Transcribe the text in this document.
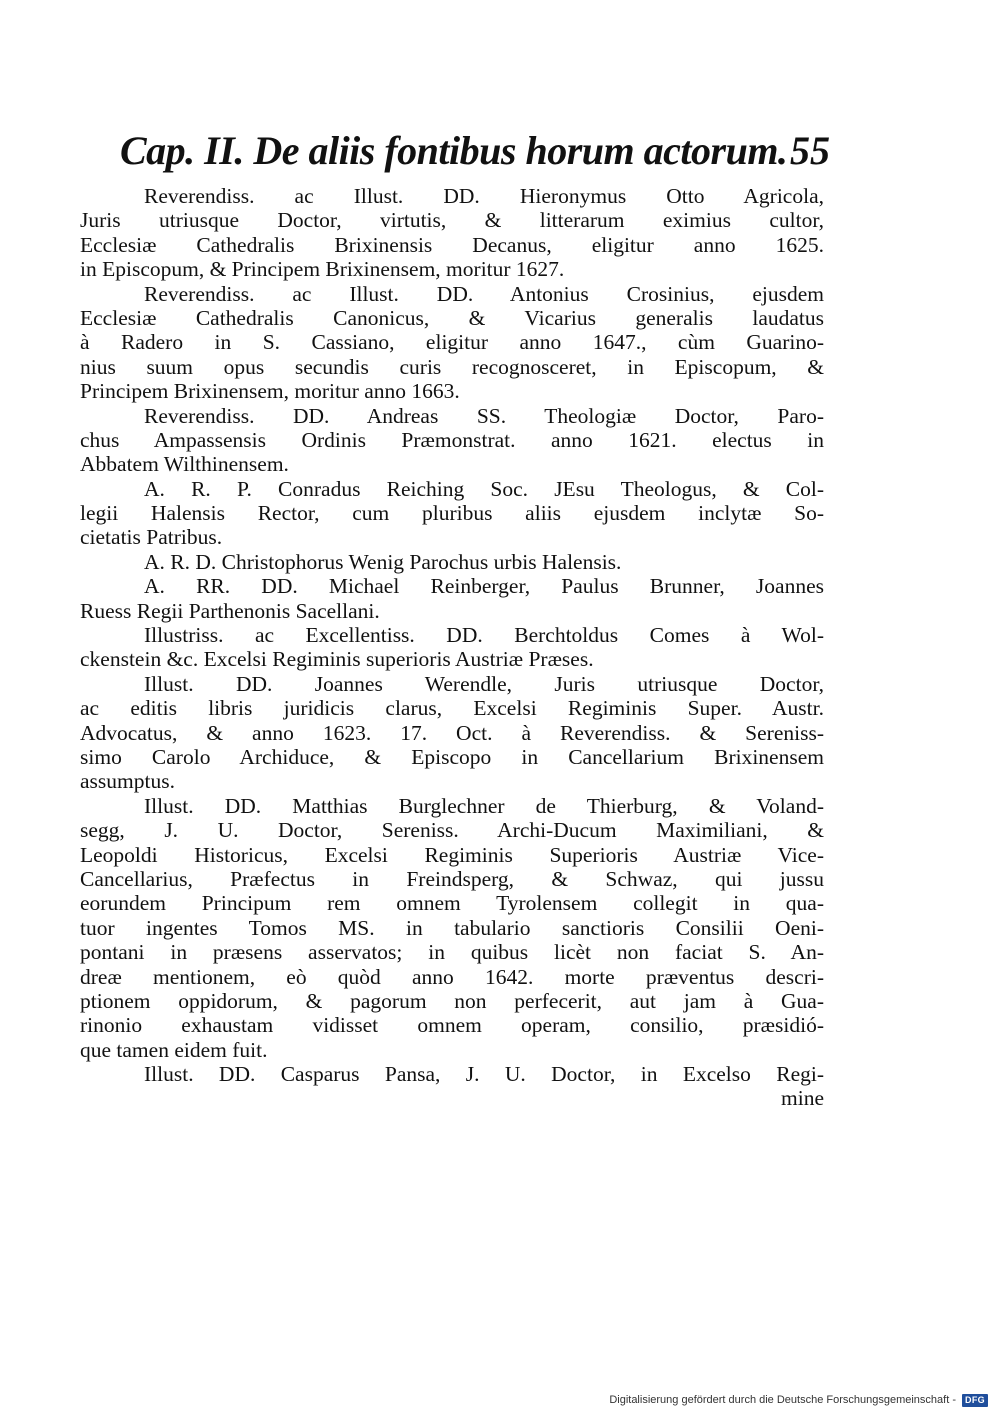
Cap. II. De aliis fontibus horum actorum. 55
Reverendiss. ac Illust. DD. Hieronymus Otto Agricola,
Juris utriusque Doctor, virtutis, & litterarum eximius cultor,
Ecclesiæ Cathedralis Brixinensis Decanus, eligitur anno 1625.
in Episcopum, & Principem Brixinensem, moritur 1627.
Reverendiss. ac Illust. DD. Antonius Crosinius, ejusdem
Ecclesiæ Cathedralis Canonicus, & Vicarius generalis laudatus
à Radero in S. Cassiano, eligitur anno 1647., cùm Guarino-
nius suum opus secundis curis recognosceret, in Episcopum, &
Principem Brixinensem, moritur anno 1663.
Reverendiss. DD. Andreas SS. Theologiæ Doctor, Paro-
chus Ampassensis Ordinis Præmonstrat. anno 1621. electus in
Abbatem Wilthinensem.
A. R. P. Conradus Reiching Soc. JEsu Theologus, & Col-
legii Halensis Rector, cum pluribus aliis ejusdem inclytæ So-
cietatis Patribus.
A. R. D. Christophorus Wenig Parochus urbis Halensis.
A. RR. DD. Michael Reinberger, Paulus Brunner, Joannes
Ruess Regii Parthenonis Sacellani.
Illustriss. ac Excellentiss. DD. Berchtoldus Comes à Wol-
ckenstein &c. Excelsi Regiminis superioris Austriæ Præses.
Illust. DD. Joannes Werendle, Juris utriusque Doctor,
ac editis libris juridicis clarus, Excelsi Regiminis Super. Austr.
Advocatus, & anno 1623. 17. Oct. à Reverendiss. & Sereniss-
simo Carolo Archiduce, & Episcopo in Cancellarium Brixinensem
assumptus.
Illust. DD. Matthias Burglechner de Thierburg, & Voland-
segg, J. U. Doctor, Sereniss. Archi-Ducum Maximiliani, &
Leopoldi Historicus, Excelsi Regiminis Superioris Austriæ Vice-
Cancellarius, Præfectus in Freindsperg, & Schwaz, qui jussu
eorundem Principum rem omnem Tyrolensem collegit in qua-
tuor ingentes Tomos MS. in tabulario sanctioris Consilii Oeni-
pontani in præsens asservatos; in quibus licèt non faciat S. An-
dreæ mentionem, eò quòd anno 1642. morte præventus descri-
ptionem oppidorum, & pagorum non perfecerit, aut jam à Gua-
rinonio exhaustam vidisset omnem operam, consilio, præsidió-
que tamen eidem fuit.
Illust. DD. Casparus Pansa, J. U. Doctor, in Excelso Regi-
mine
Digitalisierung gefördert durch die Deutsche Forschungsgemeinschaft -	DFG
